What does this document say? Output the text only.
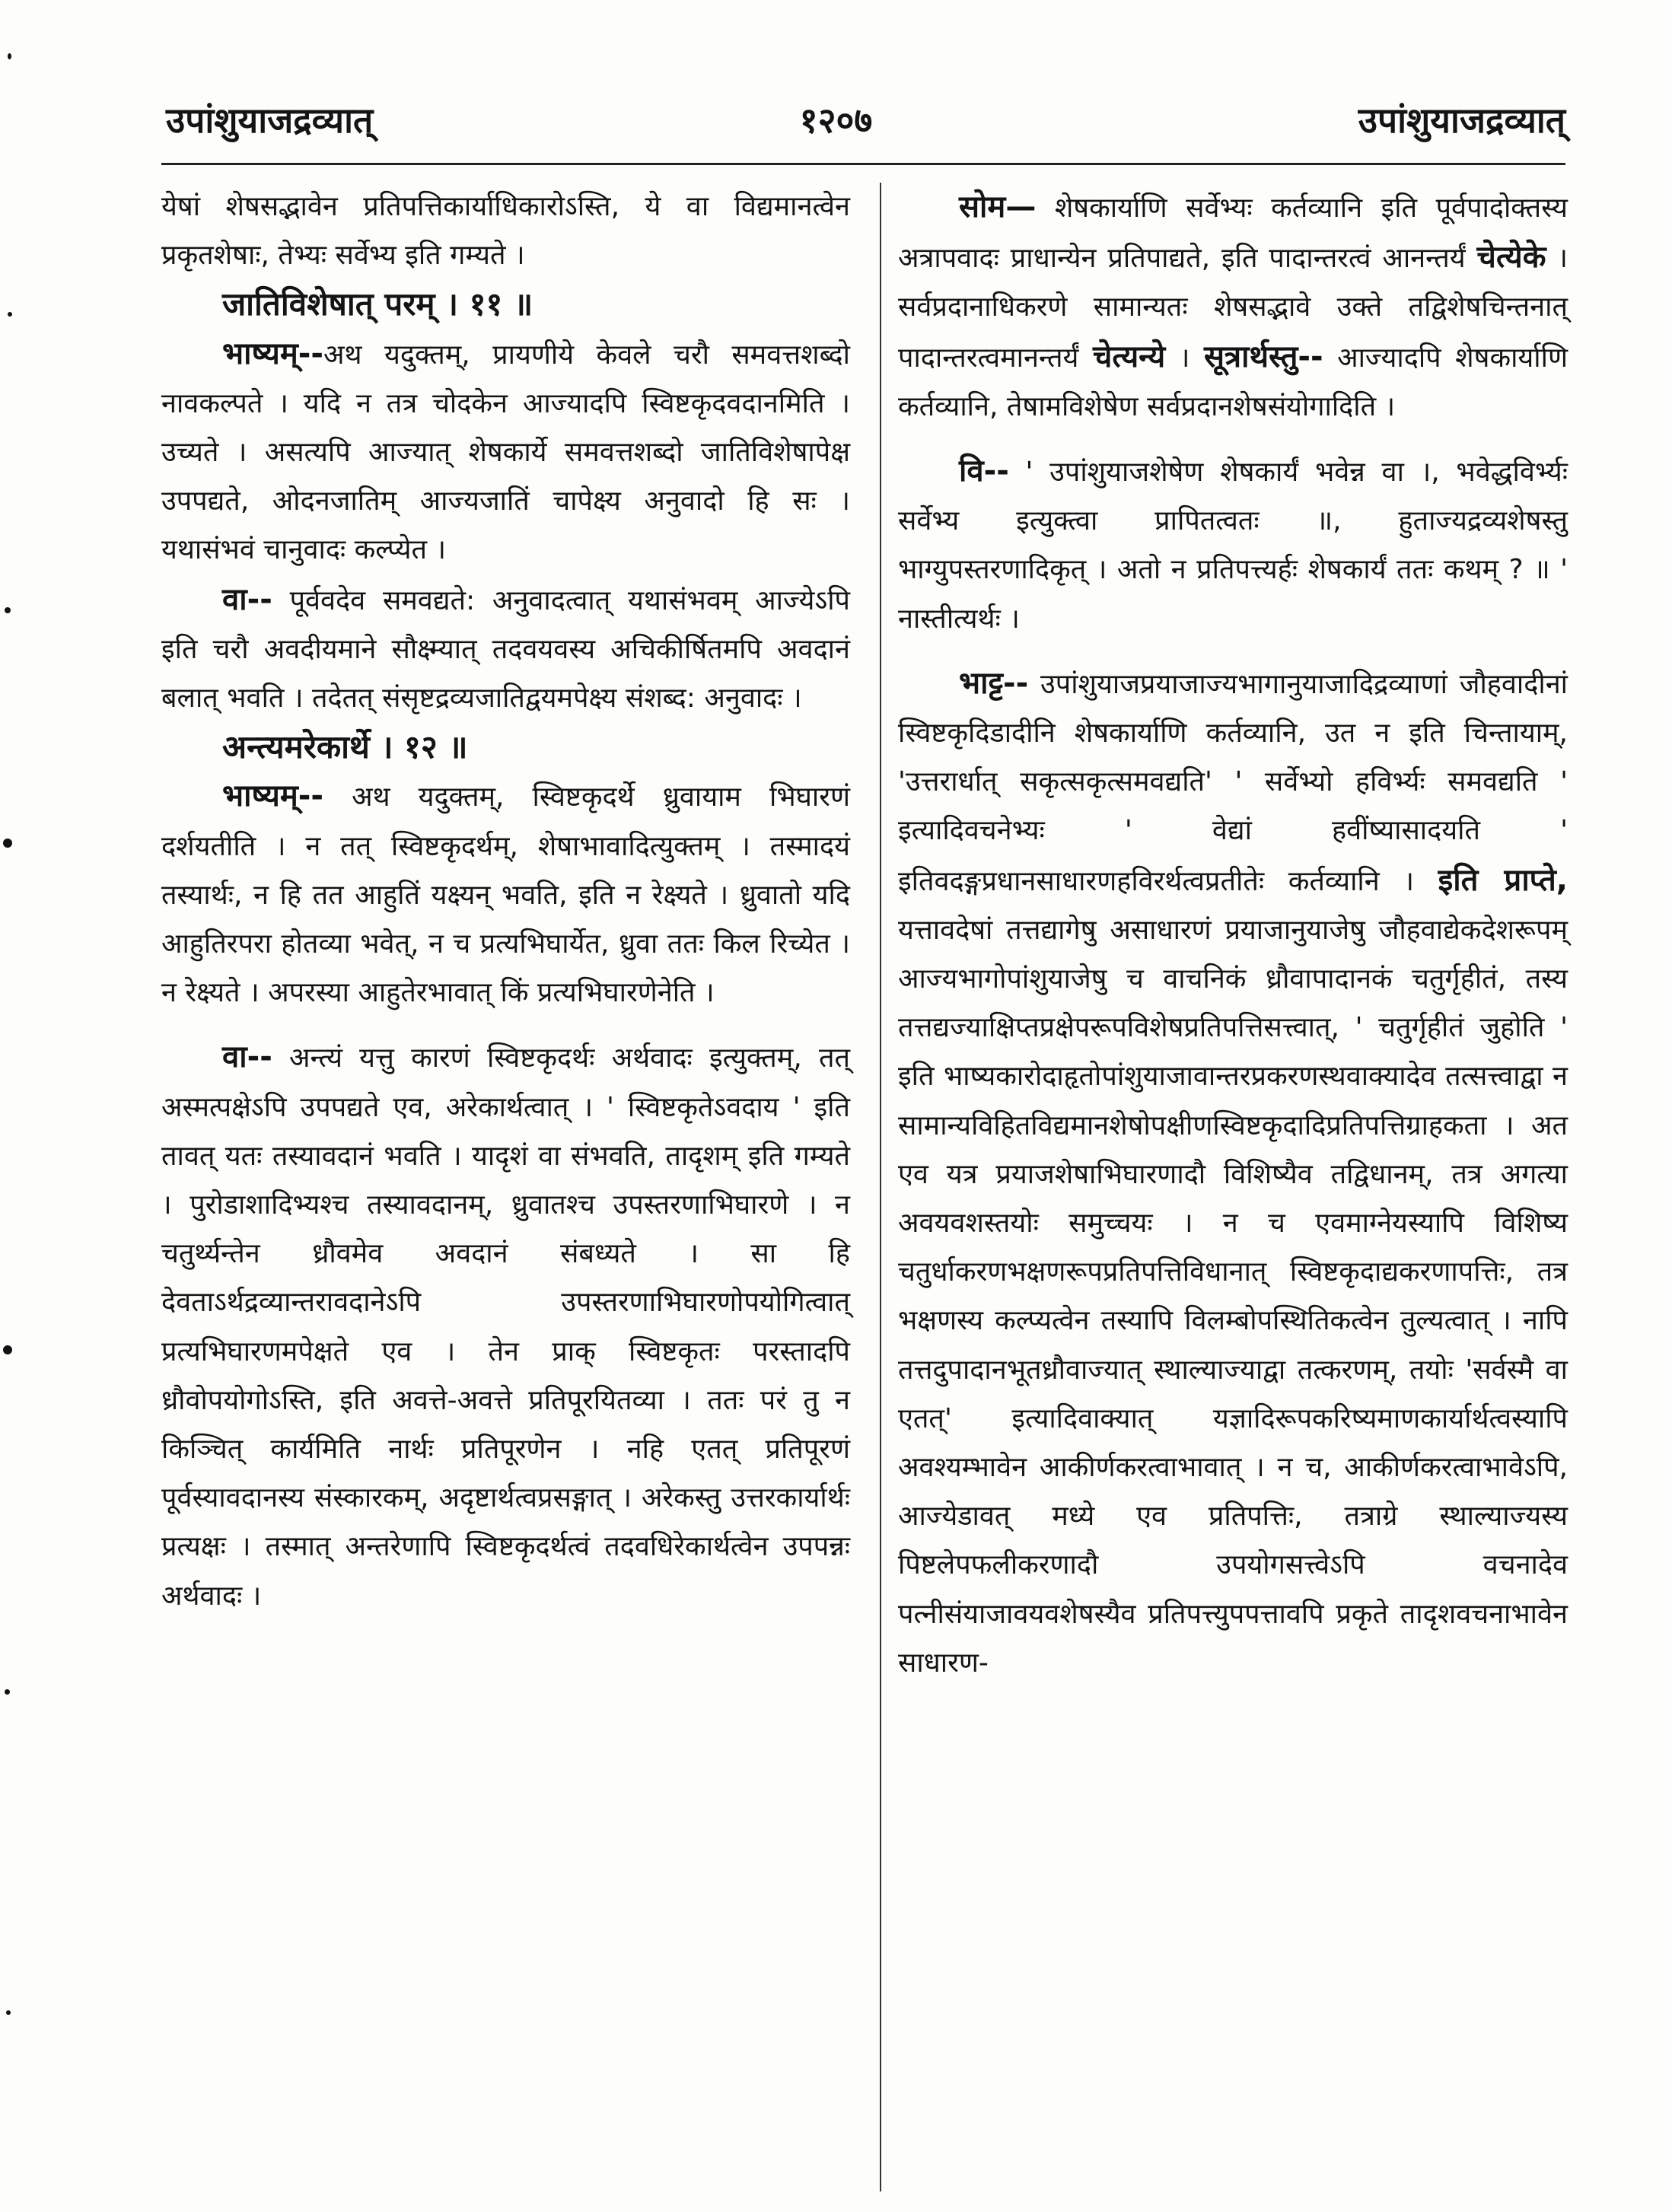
उपांशुयाजद्रव्यात्	१२०७	उपांशुयाजद्रव्यात्

येषां शेषसद्भावेन प्रतिपत्तिकार्याधिकारोऽस्ति, ये वा विद्यमानत्वेन प्रकृतशेषाः, तेभ्यः सर्वेभ्य इति गम्यते ।

जातिविशेषात् परम् । ११ ॥

भाष्यम्--अथ यदुक्तम्, प्रायणीये केवले चरौ समवत्तशब्दो नावकल्पते । यदि न तत्र चोदकेन आज्यादपि स्विष्टकृदवदानमिति । उच्यते । असत्यपि आज्यात् शेषकार्ये समवत्तशब्दो जातिविशेषापेक्ष उपपद्यते, ओदनजातिम् आज्यजातिं चापेक्ष्य अनुवादो हि सः । यथासंभवं चानुवादः कल्प्येत ।

वा-- पूर्ववदेव समवद्यते: अनुवादत्वात् यथासंभवम् आज्येऽपि इति चरौ अवदीयमाने सौक्ष्म्यात् तदवयवस्य अचिकीर्षितमपि अवदानं बलात् भवति । तदेतत् संसृष्टद्रव्यजातिद्वयमपेक्ष्य संशब्द: अनुवादः ।

अन्त्यमरेकार्थे । १२ ॥

भाष्यम्-- अथ यदुक्तम्, स्विष्टकृदर्थे ध्रुवायाम भिघारणं दर्शयतीति । न तत् स्विष्टकृदर्थम्, शेषाभावादित्युक्तम् । तस्मादयं तस्यार्थः, न हि तत आहुतिं यक्ष्यन् भवति, इति न रेक्ष्यते । ध्रुवातो यदि आहुतिरपरा होतव्या भवेत्, न च प्रत्यभिघार्येत, ध्रुवा ततः किल रिच्येत । न रेक्ष्यते । अपरस्या आहुतेरभावात् किं प्रत्यभिघारणेनेति ।

वा-- अन्त्यं यत्तु कारणं स्विष्टकृदर्थः अर्थवादः इत्युक्तम्, तत् अस्मत्पक्षेऽपि उपपद्यते एव, अरेकार्थत्वात् । ' स्विष्टकृतेऽवदाय ' इति तावत् यतः तस्यावदानं भवति । यादृशं वा संभवति, तादृशम् इति गम्यते । पुरोडाशादिभ्यश्च तस्यावदानम्, ध्रुवातश्च उपस्तरणाभिघारणे । न चतुर्थ्यन्तेन ध्रौवमेव अवदानं संबध्यते । सा हि देवताऽर्थद्रव्यान्तरावदानेऽपि उपस्तरणाभिघारणोपयोगित्वात् प्रत्यभिघारणमपेक्षते एव । तेन प्राक् स्विष्टकृतः परस्तादपि ध्रौवोपयोगोऽस्ति, इति अवत्ते-अवत्ते प्रतिपूरयितव्या । ततः परं तु न किञ्चित् कार्यमिति नार्थः प्रतिपूरणेन । नहि एतत् प्रतिपूरणं पूर्वस्यावदानस्य संस्कारकम्, अदृष्टार्थत्वप्रसङ्गात् । अरेकस्तु उत्तरकार्यार्थः प्रत्यक्षः । तस्मात् अन्तरेणापि स्विष्टकृदर्थत्वं तदवधिरेकार्थत्वेन उपपन्नः अर्थवादः ।

सोम— शेषकार्याणि सर्वेभ्यः कर्तव्यानि इति पूर्वपादोक्तस्य अत्रापवादः प्राधान्येन प्रतिपाद्यते, इति पादान्तरत्वं आनन्तर्यं चेत्येके । सर्वप्रदानाधिकरणे सामान्यतः शेषसद्भावे उक्ते तद्विशेषचिन्तनात् पादान्तरत्वमानन्तर्यं चेत्यन्ये । सूत्रार्थस्तु-- आज्यादपि शेषकार्याणि कर्तव्यानि, तेषामविशेषेण सर्वप्रदानशेषसंयोगादिति ।

वि-- ' उपांशुयाजशेषेण शेषकार्यं भवेन्न वा ।, भवेद्धविर्भ्यः सर्वेभ्य इत्युक्त्वा प्रापितत्वतः ॥, हुताज्यद्रव्यशेषस्तु भाग्युपस्तरणादिकृत् । अतो न प्रतिपत्त्यर्हः शेषकार्यं ततः कथम् ? ॥ ' नास्तीत्यर्थः ।

भाट्ट-- उपांशुयाजप्रयाजाज्यभागानुयाजादिद्रव्याणां जौहवादीनां स्विष्टकृदिडादीनि शेषकार्याणि कर्तव्यानि, उत न इति चिन्तायाम्, 'उत्तरार्धात् सकृत्सकृत्समवद्यति' ' सर्वेभ्यो हविर्भ्यः समवद्यति ' इत्यादिवचनेभ्यः ' वेद्यां हवींष्यासादयति ' इतिवदङ्गप्रधानसाधारणहविरर्थत्वप्रतीतेः कर्तव्यानि । इति प्राप्ते, यत्तावदेषां तत्तद्यागेषु असाधारणं प्रयाजानुयाजेषु जौहवाद्येकदेशरूपम् आज्यभागोपांशुयाजेषु च वाचनिकं ध्रौवापादानकं चतुर्गृहीतं, तस्य तत्तद्यज्याक्षिप्तप्रक्षेपरूपविशेषप्रतिपत्तिसत्त्वात्, ' चतुर्गृहीतं जुहोति ' इति भाष्यकारोदाहृतोपांशुयाजावान्तरप्रकरणस्थवाक्यादेव तत्सत्त्वाद्वा न सामान्यविहितविद्यमानशेषोपक्षीणस्विष्टकृदादिप्रतिपत्तिग्राहकता । अत एव यत्र प्रयाजशेषाभिघारणादौ विशिष्यैव तद्विधानम्, तत्र अगत्या अवयवशस्तयोः समुच्चयः । न च एवमाग्नेयस्यापि विशिष्य चतुर्धाकरणभक्षणरूपप्रतिपत्तिविधानात् स्विष्टकृदाद्यकरणापत्तिः, तत्र भक्षणस्य कल्प्यत्वेन तस्यापि विलम्बोपस्थितिकत्वेन तुल्यत्वात् । नापि तत्तदुपादानभूतध्रौवाज्यात् स्थाल्याज्याद्वा तत्करणम्, तयोः 'सर्वस्मै वा एतत्' इत्यादिवाक्यात् यज्ञादिरूपकरिष्यमाणकार्यार्थत्वस्यापि अवश्यम्भावेन आकीर्णकरत्वाभावात् । न च, आकीर्णकरत्वाभावेऽपि, आज्येडावत् मध्ये एव प्रतिपत्तिः, तत्राग्रे स्थाल्याज्यस्य पिष्टलेपफलीकरणादौ उपयोगसत्त्वेऽपि वचनादेव पत्नीसंयाजावयवशेषस्यैव प्रतिपत्त्युपपत्तावपि प्रकृते तादृशवचनाभावेन साधारण-
